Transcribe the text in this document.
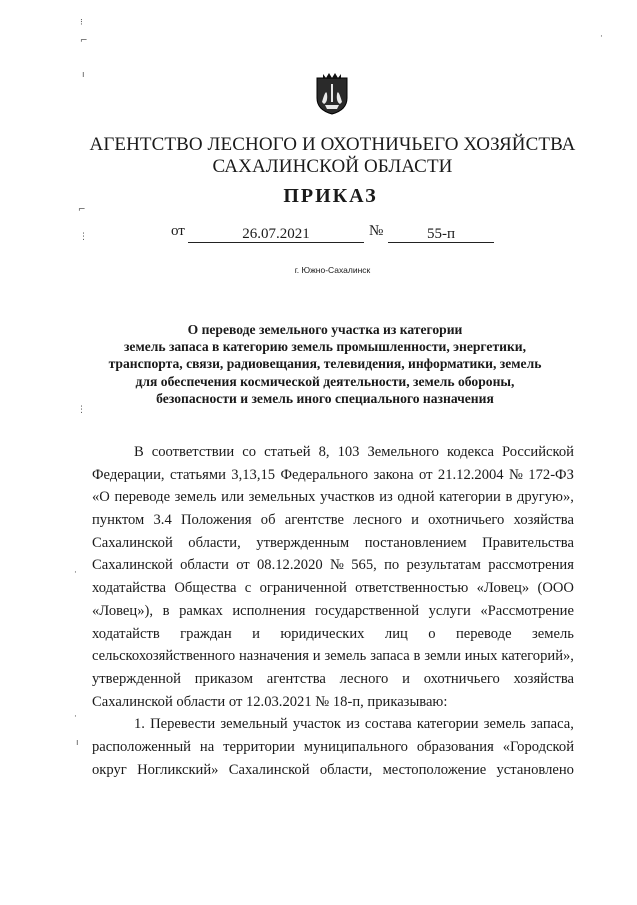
⁝
⌐
ı
⌐
⋮
⋮
·
·
ı
·
АГЕНТСТВО ЛЕСНОГО И ОХОТНИЧЬЕГО ХОЗЯЙСТВА
САХАЛИНСКОЙ ОБЛАСТИ
ПРИКАЗ
от	26.07.2021	№	55-п
г. Южно-Сахалинск
О переводе земельного участка из категории
земель запаса в категорию земель промышленности, энергетики,
транспорта, связи, радиовещания, телевидения, информатики, земель
для обеспечения космической деятельности, земель обороны,
безопасности и земель иного специального назначения
В соответствии со статьей 8, 103 Земельного кодекса Российской
Федерации, статьями 3,13,15 Федерального закона от 21.12.2004 № 172-ФЗ
«О переводе земель или земельных участков из одной категории в другую»,
пунктом 3.4 Положения об агентстве лесного и охотничьего хозяйства
Сахалинской области, утвержденным постановлением Правительства
Сахалинской области от 08.12.2020 № 565, по результатам рассмотрения
ходатайства Общества с ограниченной ответственностью «Ловец» (ООО
«Ловец»), в рамках исполнения государственной услуги «Рассмотрение
ходатайств граждан и юридических лиц о переводе земель
сельскохозяйственного назначения и земель запаса в земли иных категорий»,
утвержденной приказом агентства лесного и охотничьего хозяйства
Сахалинской области от 12.03.2021 № 18-п, приказываю:
1. Перевести земельный участок из состава категории земель запаса,
расположенный на территории муниципального образования «Городской
округ Ногликский» Сахалинской области, местоположение установлено
